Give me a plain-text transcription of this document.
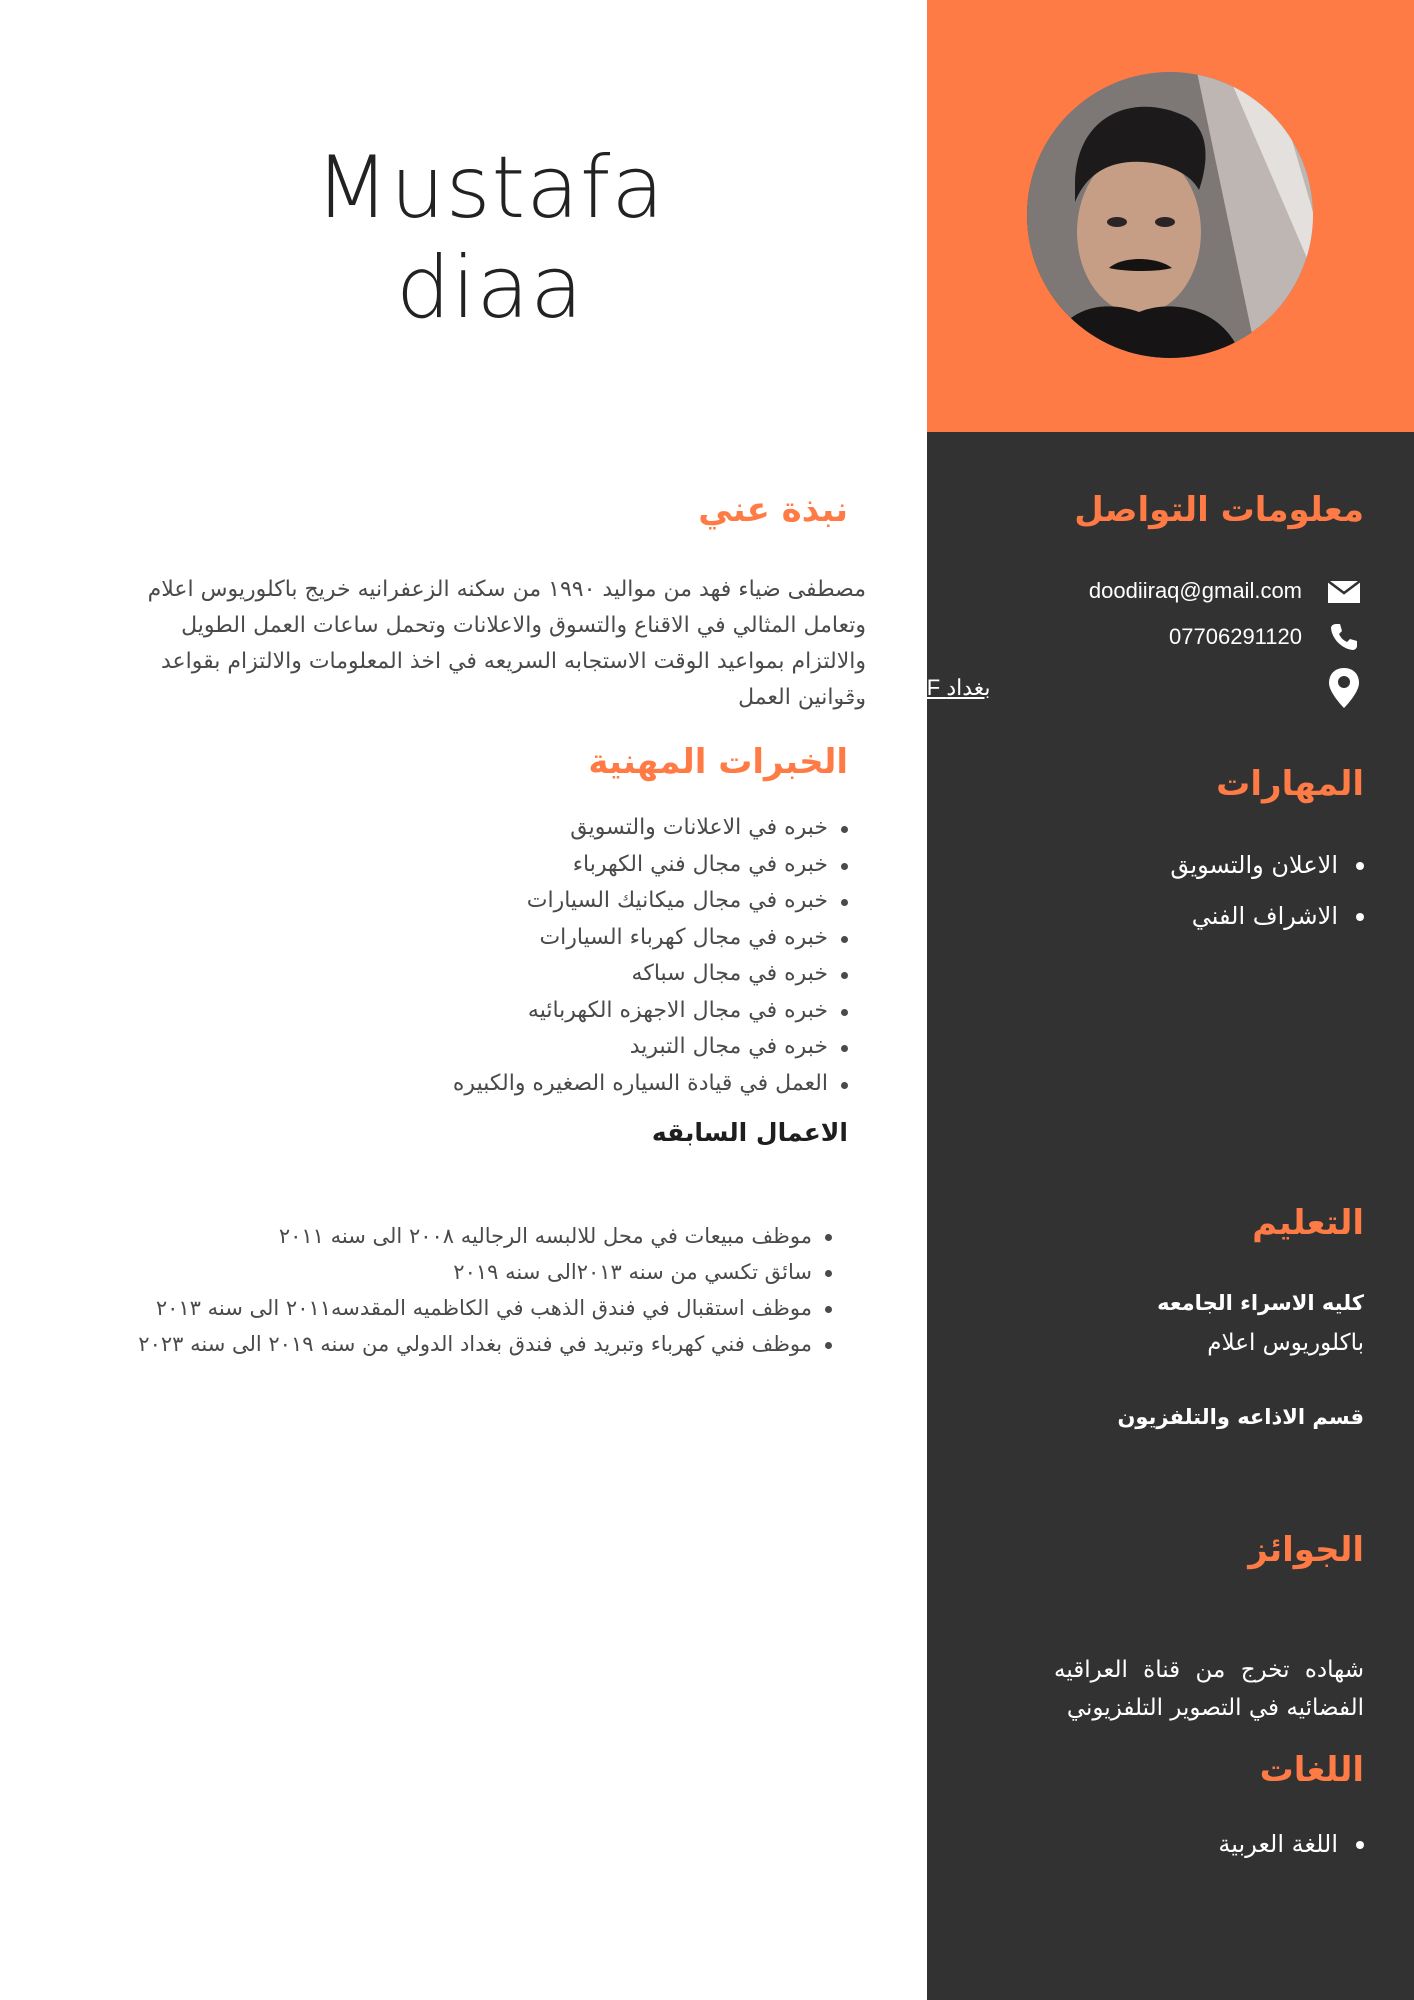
Mustafa diaa
نبذة عني
مصطفى ضياء فهد من مواليد ١٩٩٠ من سكنه الزعفرانيه خريج باكلوريوس اعلام وتعامل المثالي في الاقناع والتسوق والاعلانات وتحمل ساعات العمل الطويل والالتزام بمواعيد الوقت الاستجابه السريعه في اخذ المعلومات والالتزام بقواعد وقوانين العمل
الخبرات المهنية
خبره في الاعلانات والتسويق
خبره في مجال فني الكهرباء
خبره في مجال ميكانيك السيارات
خبره في مجال كهرباء السيارات
خبره في مجال سباكه
خبره في مجال الاجهزه الكهربائيه
خبره في مجال التبريد
العمل في قيادة السياره الصغيره والكبيره
الاعمال السابقه
موظف مبيعات في محل للالبسه الرجاليه ٢٠٠٨ الى سنه ٢٠١١
سائق تكسي من سنه ٢٠١٣الى سنه ٢٠١٩
موظف استقبال في فندق الذهب في الكاظميه المقدسه٢٠١١ الى سنه ٢٠١٣
موظف فني كهرباء وتبريد في فندق بغداد الدولي من سنه ٢٠١٩ الى سنه ٢٠٢٣
معلومات التواصل
doodiiraq@gmail.com
07706291120
6FX7+G8F بغداد
المهارات
الاعلان والتسويق
الاشراف الفني
التعليم
كليه الاسراء الجامعه
باكلوريوس اعلام
قسم الاذاعه والتلفزيون
الجوائز
شهاده تخرج من قناة العراقيه الفضائيه في التصوير التلفزيوني
اللغات
اللغة العربية
